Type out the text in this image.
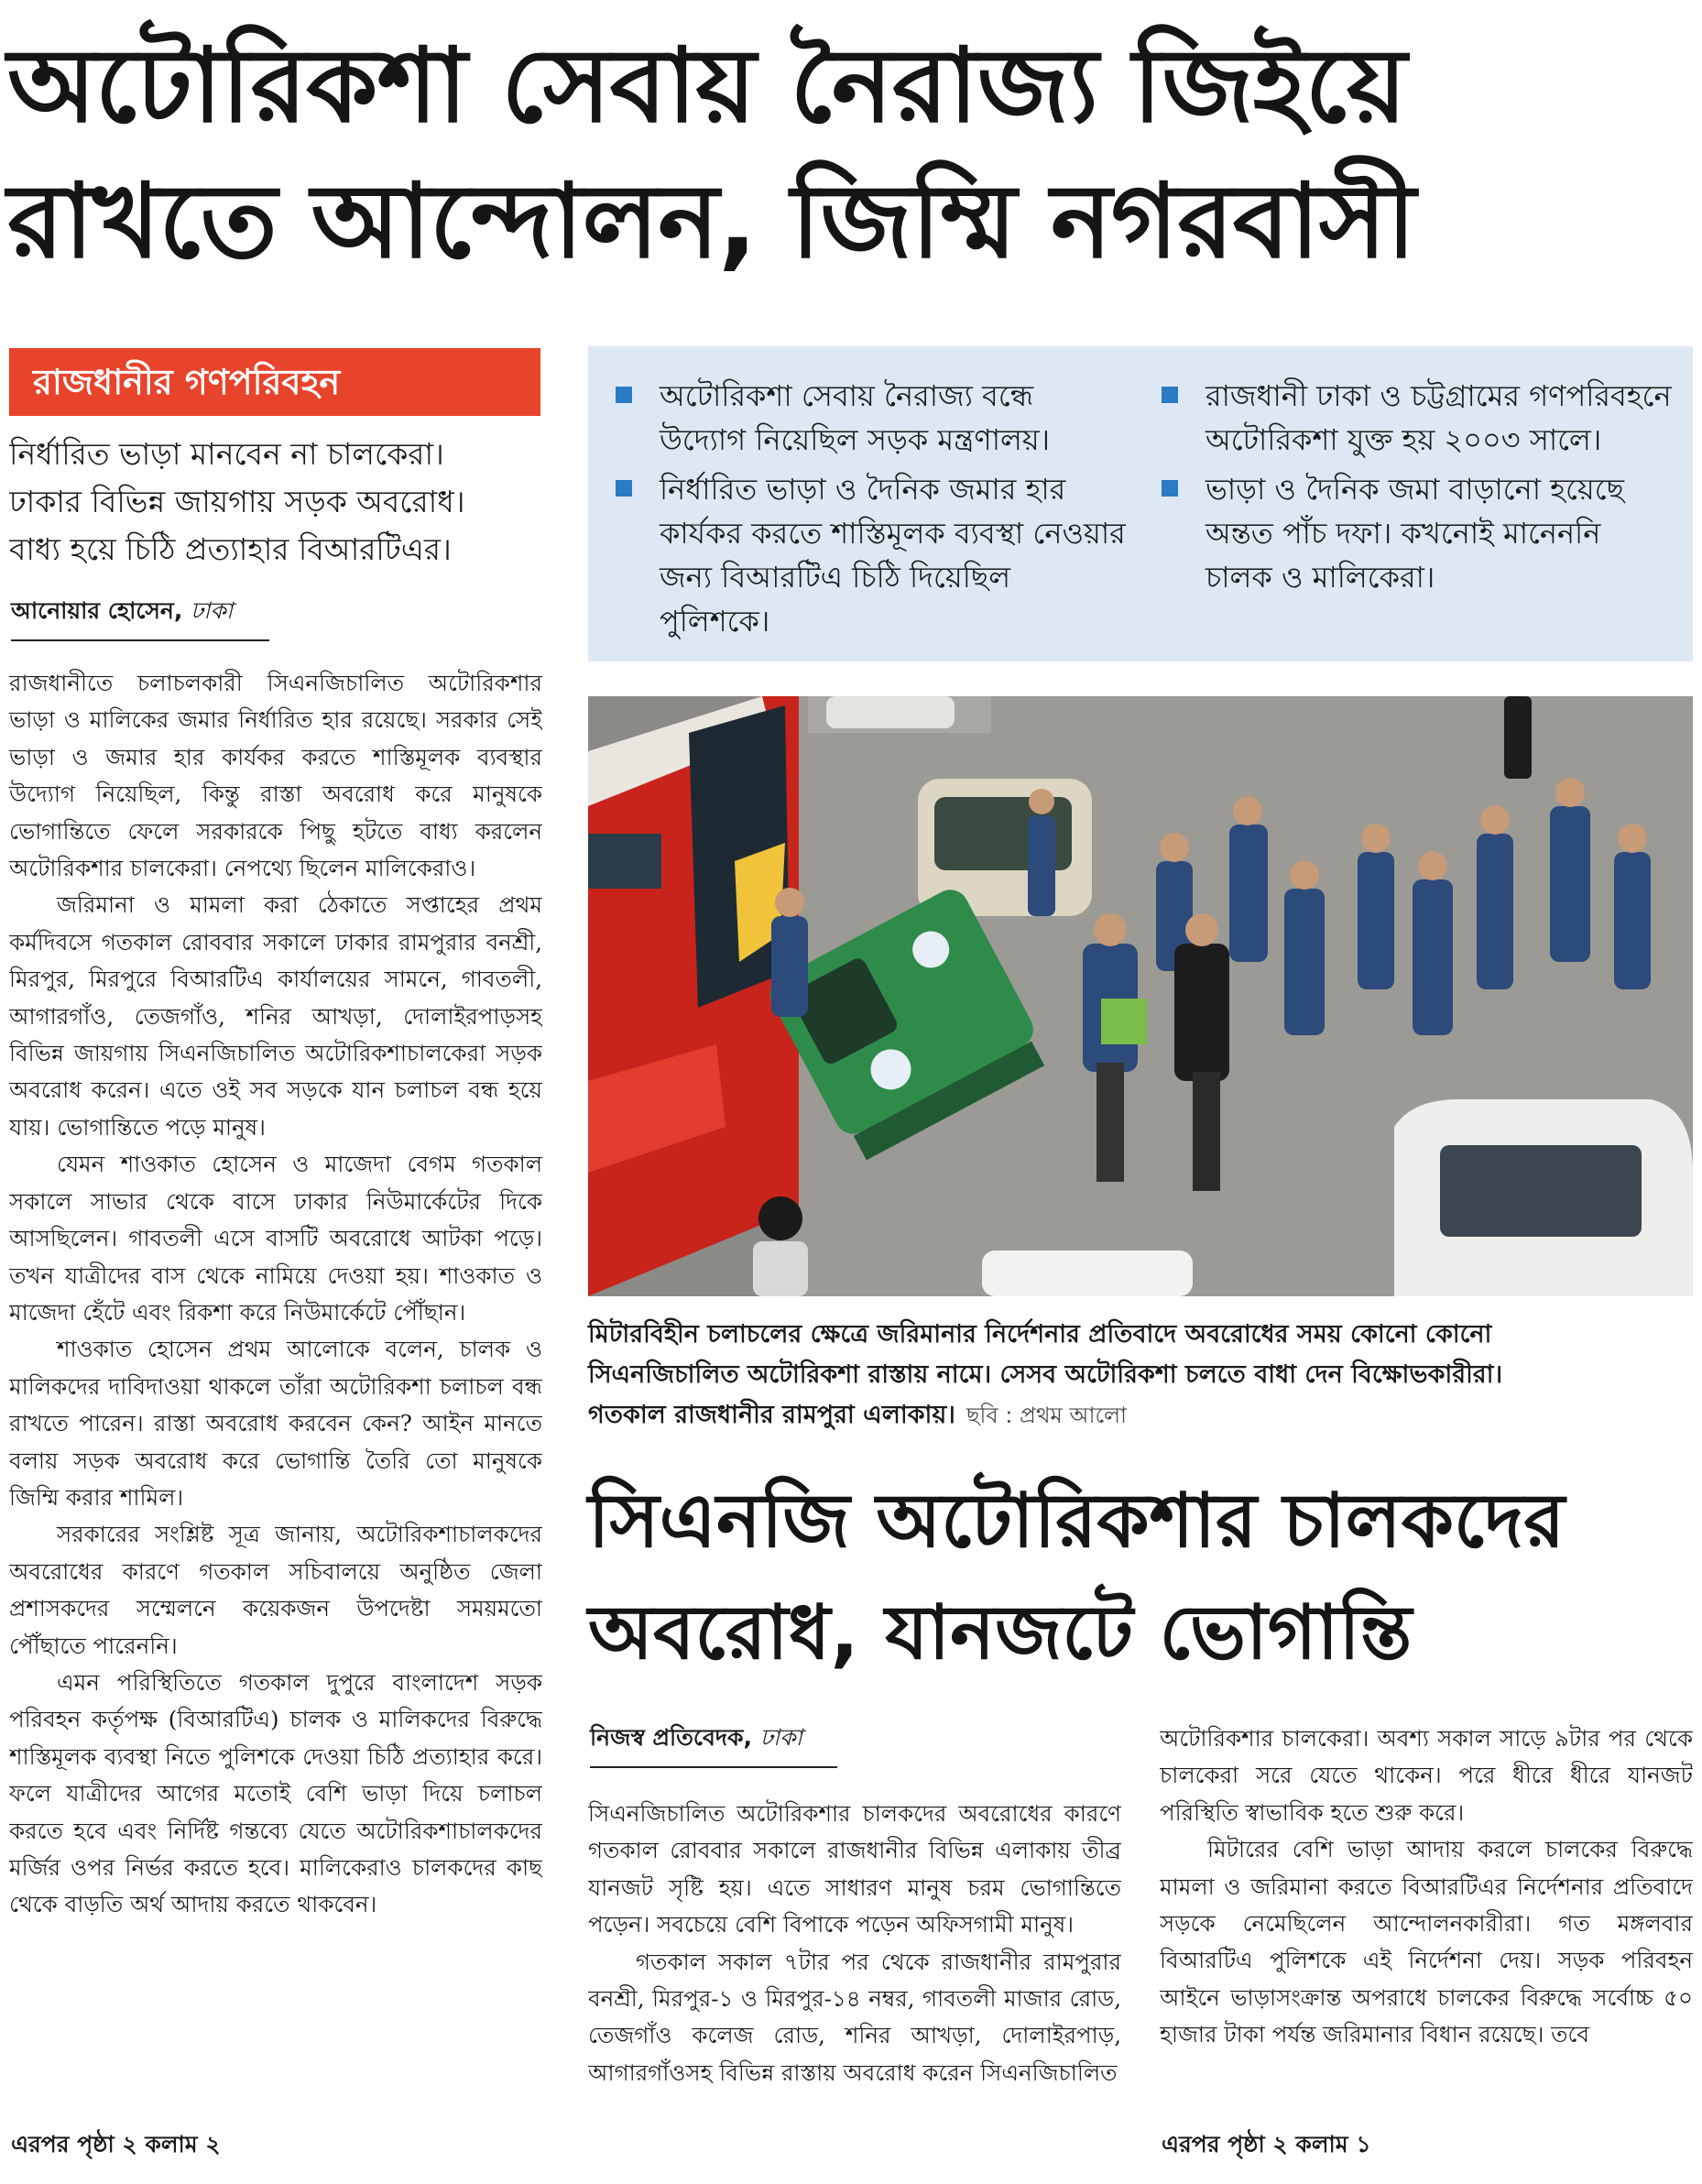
অটোরিকশা সেবায় নৈরাজ্য জিইয়ে
রাখতে আন্দোলন, জিম্মি নগরবাসী
রাজধানীর গণপরিবহন
নির্ধারিত ভাড়া মানবেন না চালকেরা।
ঢাকার বিভিন্ন জায়গায় সড়ক অবরোধ।
বাধ্য হয়ে চিঠি প্রত্যাহার বিআরটিএর।
আনোয়ার হোসেন, ঢাকা

রাজধানীতে চলাচলকারী সিএনজিচালিত অটোরিকশার ভাড়া ও মালিকের জমার নির্ধারিত হার রয়েছে। সরকার সেই ভাড়া ও জমার হার কার্যকর করতে শাস্তিমূলক ব্যবস্থার উদ্যোগ নিয়েছিল, কিন্তু রাস্তা অবরোধ করে মানুষকে ভোগান্তিতে ফেলে সরকারকে পিছু হটতে বাধ্য করলেন অটোরিকশার চালকেরা। নেপথ্যে ছিলেন মালিকেরাও।

জরিমানা ও মামলা করা ঠেকাতে সপ্তাহের প্রথম কর্মদিবসে গতকাল রোববার সকালে ঢাকার রামপুরার বনশ্রী, মিরপুর, মিরপুরে বিআরটিএ কার্যালয়ের সামনে, গাবতলী, আগারগাঁও, তেজগাঁও, শনির আখড়া, দোলাইরপাড়সহ বিভিন্ন জায়গায় সিএনজিচালিত অটোরিকশাচালকেরা সড়ক অবরোধ করেন। এতে ওই সব সড়কে যান চলাচল বন্ধ হয়ে যায়। ভোগান্তিতে পড়ে মানুষ।

যেমন শাওকাত হোসেন ও মাজেদা বেগম গতকাল সকালে সাভার থেকে বাসে ঢাকার নিউমার্কেটের দিকে আসছিলেন। গাবতলী এসে বাসটি অবরোধে আটকা পড়ে। তখন যাত্রীদের বাস থেকে নামিয়ে দেওয়া হয়। শাওকাত ও মাজেদা হেঁটে এবং রিকশা করে নিউমার্কেটে পৌঁছান।

শাওকাত হোসেন প্রথম আলোকে বলেন, চালক ও মালিকদের দাবিদাওয়া থাকলে তাঁরা অটোরিকশা চলাচল বন্ধ রাখতে পারেন। রাস্তা অবরোধ করবেন কেন? আইন মানতে বলায় সড়ক অবরোধ করে ভোগান্তি তৈরি তো মানুষকে জিম্মি করার শামিল।

সরকারের সংশ্লিষ্ট সূত্র জানায়, অটোরিকশাচালকদের অবরোধের কারণে গতকাল সচিবালয়ে অনুষ্ঠিত জেলা প্রশাসকদের সম্মেলনে কয়েকজন উপদেষ্টা সময়মতো পৌঁছাতে পারেননি।

এমন পরিস্থিতিতে গতকাল দুপুরে বাংলাদেশ সড়ক পরিবহন কর্তৃপক্ষ (বিআরটিএ) চালক ও মালিকদের বিরুদ্ধে শাস্তিমূলক ব্যবস্থা নিতে পুলিশকে দেওয়া চিঠি প্রত্যাহার করে। ফলে যাত্রীদের আগের মতোই বেশি ভাড়া দিয়ে চলাচল করতে হবে এবং নির্দিষ্ট গন্তব্যে যেতে অটোরিকশাচালকদের মর্জির ওপর নির্ভর করতে হবে। মালিকেরাও চালকদের কাছ থেকে বাড়তি অর্থ আদায় করতে থাকবেন।

এরপর পৃষ্ঠা ২ কলাম ২
অটোরিকশা সেবায় নৈরাজ্য বন্ধে উদ্যোগ নিয়েছিল সড়ক মন্ত্রণালয়।
নির্ধারিত ভাড়া ও দৈনিক জমার হার কার্যকর করতে শাস্তিমূলক ব্যবস্থা নেওয়ার জন্য বিআরটিএ চিঠি দিয়েছিল পুলিশকে।
রাজধানী ঢাকা ও চট্টগ্রামের গণপরিবহনে অটোরিকশা যুক্ত হয় ২০০৩ সালে।
ভাড়া ও দৈনিক জমা বাড়ানো হয়েছে অন্তত পাঁচ দফা। কখনোই মানেননি চালক ও মালিকেরা।
মিটারবিহীন চলাচলের ক্ষেত্রে জরিমানার নির্দেশনার প্রতিবাদে অবরোধের সময় কোনো কোনো
সিএনজিচালিত অটোরিকশা রাস্তায় নামে। সেসব অটোরিকশা চলতে বাধা দেন বিক্ষোভকারীরা।
গতকাল রাজধানীর রামপুরা এলাকায়। ছবি : প্রথম আলো
সিএনজি অটোরিকশার চালকদের
অবরোধ, যানজটে ভোগান্তি
নিজস্ব প্রতিবেদক, ঢাকা

সিএনজিচালিত অটোরিকশার চালকদের অবরোধের কারণে গতকাল রোববার সকালে রাজধানীর বিভিন্ন এলাকায় তীব্র যানজট সৃষ্টি হয়। এতে সাধারণ মানুষ চরম ভোগান্তিতে পড়েন। সবচেয়ে বেশি বিপাকে পড়েন অফিসগামী মানুষ।

গতকাল সকাল ৭টার পর থেকে রাজধানীর রামপুরার বনশ্রী, মিরপুর-১ ও মিরপুর-১৪ নম্বর, গাবতলী মাজার রোড, তেজগাঁও কলেজ রোড, শনির আখড়া, দোলাইরপাড়, আগারগাঁওসহ বিভিন্ন রাস্তায় অবরোধ করেন সিএনজিচালিত

অটোরিকশার চালকেরা। অবশ্য সকাল সাড়ে ৯টার পর থেকে চালকেরা সরে যেতে থাকেন। পরে ধীরে ধীরে যানজট পরিস্থিতি স্বাভাবিক হতে শুরু করে।

মিটারের বেশি ভাড়া আদায় করলে চালকের বিরুদ্ধে মামলা ও জরিমানা করতে বিআরটিএর নির্দেশনার প্রতিবাদে সড়কে নেমেছিলেন আন্দোলনকারীরা। গত মঙ্গলবার বিআরটিএ পুলিশকে এই নির্দেশনা দেয়। সড়ক পরিবহন আইনে ভাড়াসংক্রান্ত অপরাধে চালকের বিরুদ্ধে সর্বোচ্চ ৫০ হাজার টাকা পর্যন্ত জরিমানার বিধান রয়েছে। তবে

এরপর পৃষ্ঠা ২ কলাম ১
